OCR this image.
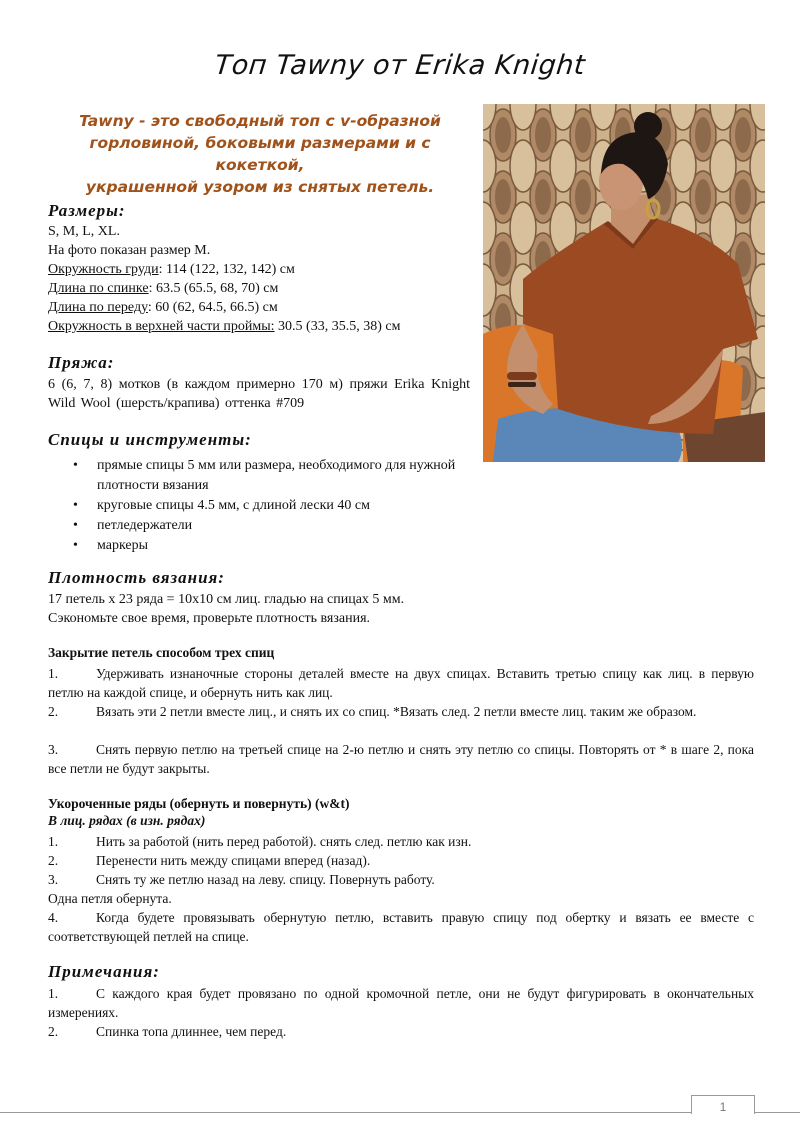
Топ Tawny от Erika Knight
Tawny - это свободный топ с v-образной
горловиной, боковыми размерами и с кокеткой,
украшенной узором из снятых петель.
Размеры:
S, M, L, XL.
На фото показан размер М.
Окружность груди: 114 (122, 132, 142) см
Длина по спинке: 63.5 (65.5, 68, 70) см
Длина по переду: 60 (62, 64.5, 66.5) см
Окружность в верхней части проймы: 30.5 (33, 35.5, 38) см
Пряжа:
6 (6, 7, 8) мотков (в каждом примерно 170 м) пряжи Erika Knight Wild Wool (шерсть/крапива) оттенка #709
Спицы и инструменты:
• прямые спицы 5 мм или размера, необходимого для нужной плотности вязания
• круговые спицы 4.5 мм, с длиной лески 40 см
• петледержатели
• маркеры
Плотность вязания:
17 петель х 23 ряда = 10х10 см лиц. гладью на спицах 5 мм.
Сэкономьте свое время, проверьте плотность вязания.
Закрытие петель способом трех спиц
1.	Удерживать изнаночные стороны деталей вместе на двух спицах. Вставить третью спицу как лиц. в первую петлю на каждой спице, и обернуть нить как лиц.
2.	Вязать эти 2 петли вместе лиц., и снять их со спиц. *Вязать след. 2 петли вместе лиц. таким же образом.
3.	Снять первую петлю на третьей спице на 2-ю петлю и снять эту петлю со спицы. Повторять от * в шаге 2, пока все петли не будут закрыты.
Укороченные ряды (обернуть и повернуть) (w&t)
В лиц. рядах (в изн. рядах)
1.	Нить за работой (нить перед работой). снять след. петлю как изн.
2.	Перенести нить между спицами вперед (назад).
3.	Снять ту же петлю назад на леву. спицу. Повернуть работу.
Одна петля обернута.
4.	Когда будете провязывать обернутую петлю, вставить правую спицу под обертку и вязать ее вместе с соответствующей петлей на спице.
Примечания:
1.	С каждого края будет провязано по одной кромочной петле, они не будут фигурировать в окончательных измерениях.
2.	Спинка топа длиннее, чем перед.
1
